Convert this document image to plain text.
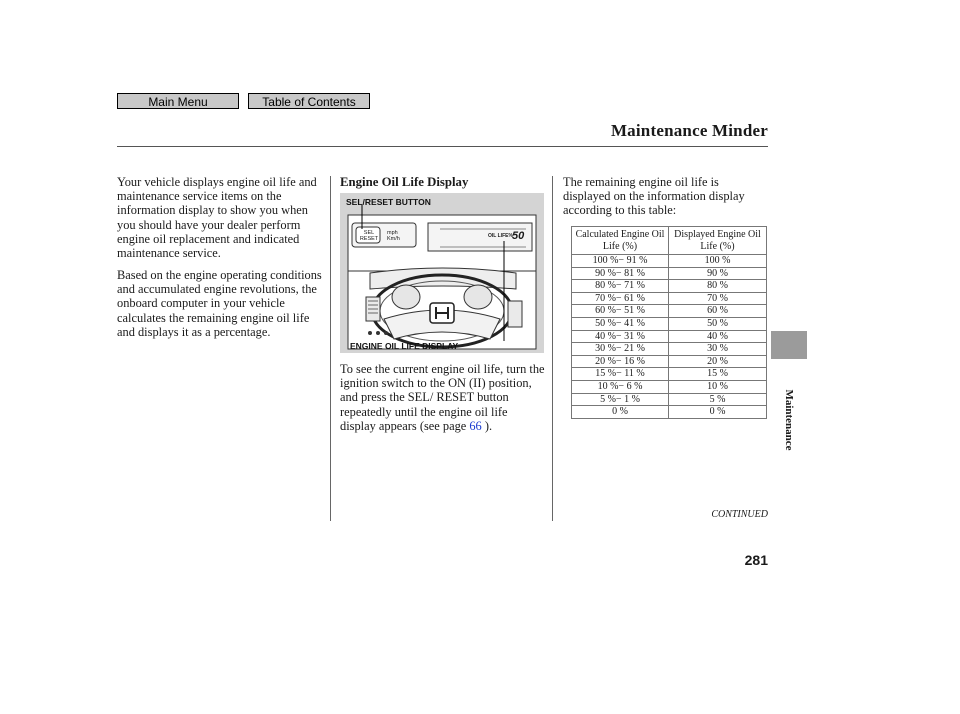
Main Menu	Table of Contents
Maintenance Minder
Your vehicle displays engine oil life and maintenance service items on the information display to show you when you should have your dealer perform engine oil replacement and indicated maintenance service.
Based on the engine operating conditions and accumulated engine revolutions, the onboard computer in your vehicle calculates the remaining engine oil life and displays it as a percentage.
Engine Oil Life Display
SEL/RESET BUTTON
SEL
RESET
mph
Km/h	OIL LIFE% 50
ENGINE OIL LIFE DISPLAY
To see the current engine oil life, turn the ignition switch to the ON (II) position, and press the SEL/ RESET button repeatedly until the engine oil life display appears (see page 66 ).
The remaining engine oil life is displayed on the information display according to this table:
Calculated Engine Oil Life (%)	Displayed Engine Oil Life (%)
100 %− 91 %	100 %
90 %− 81 %	90 %
80 %− 71 %	80 %
70 %− 61 %	70 %
60 %− 51 %	60 %
50 %− 41 %	50 %
40 %− 31 %	40 %
30 %− 21 %	30 %
20 %− 16 %	20 %
15 %− 11 %	15 %
10 %− 6 %	10 %
5 %− 1 %	5 %
0 %	0 %
CONTINUED
281
Maintenance
